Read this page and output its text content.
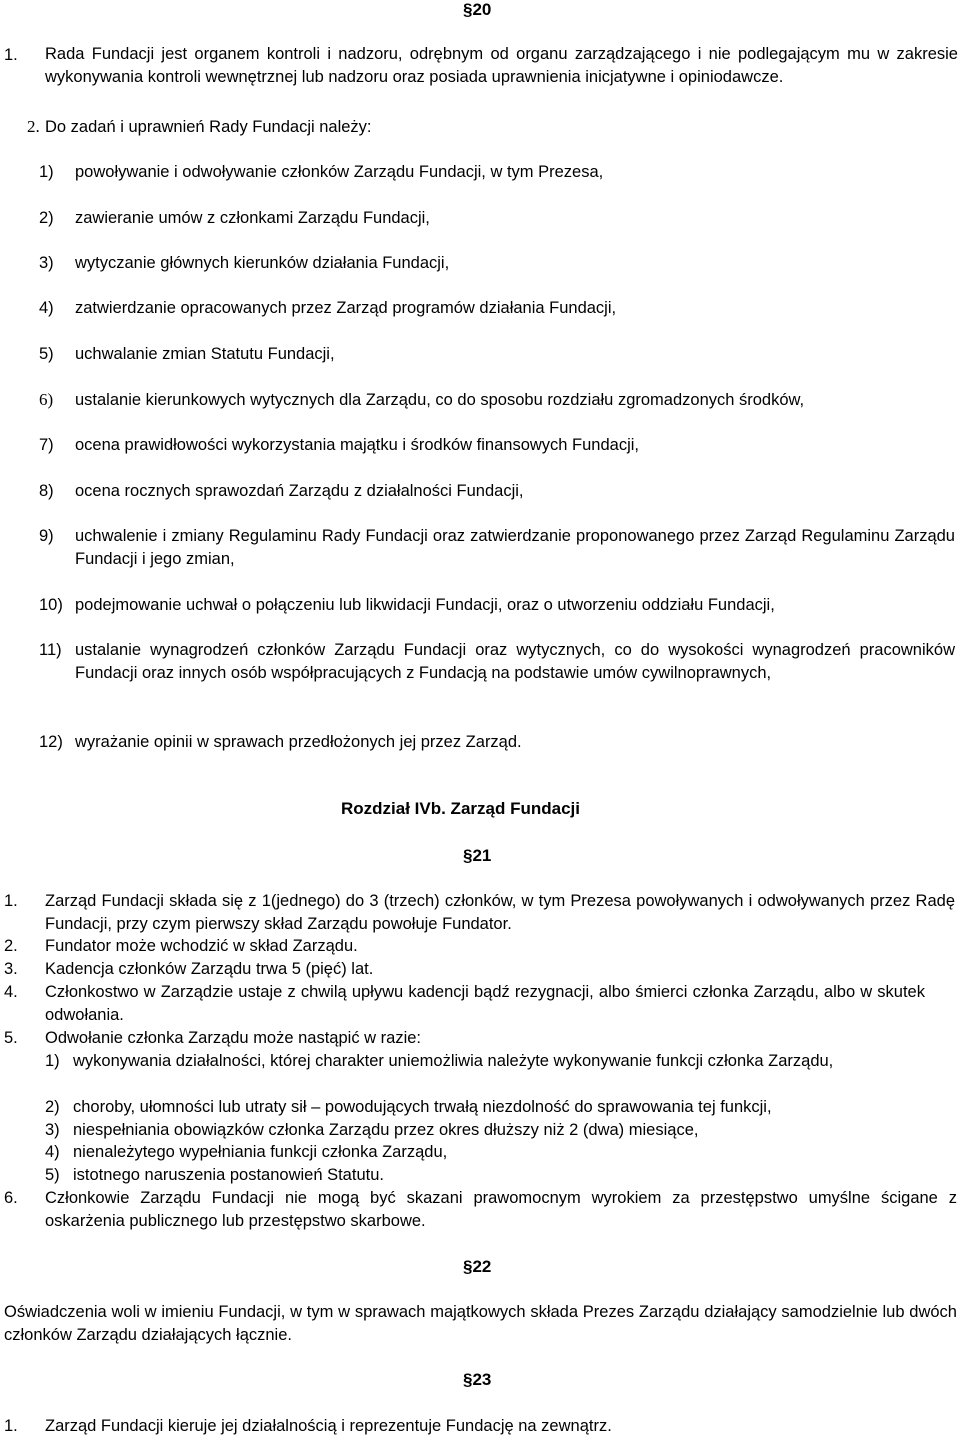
§20
1. Rada Fundacji jest organem kontroli i nadzoru, odrębnym od organu zarządzającego i nie podlegającym mu w zakresie wykonywania kontroli wewnętrznej lub nadzoru oraz posiada uprawnienia inicjatywne i opiniodawcze.
2. Do zadań i uprawnień Rady Fundacji należy:
1) powoływanie i odwoływanie członków Zarządu Fundacji, w tym Prezesa,
2) zawieranie umów z członkami Zarządu Fundacji,
3) wytyczanie głównych kierunków działania Fundacji,
4) zatwierdzanie opracowanych przez Zarząd programów działania Fundacji,
5) uchwalanie zmian Statutu Fundacji,
6) ustalanie kierunkowych wytycznych dla Zarządu, co do sposobu rozdziału zgromadzonych środków,
7) ocena prawidłowości wykorzystania majątku i środków finansowych Fundacji,
8) ocena rocznych sprawozdań Zarządu z działalności Fundacji,
9) uchwalenie i zmiany Regulaminu Rady Fundacji oraz zatwierdzanie proponowanego przez Zarząd Regulaminu Zarządu Fundacji i jego zmian,
10) podejmowanie uchwał o połączeniu lub likwidacji Fundacji, oraz o utworzeniu oddziału Fundacji,
11) ustalanie wynagrodzeń członków Zarządu Fundacji oraz wytycznych, co do wysokości wynagrodzeń pracowników Fundacji oraz innych osób współpracujących z Fundacją na podstawie umów cywilnoprawnych,
12) wyrażanie opinii w sprawach przedłożonych jej przez Zarząd.
Rozdział IVb. Zarząd Fundacji
§21
1. Zarząd Fundacji składa się z 1(jednego) do 3 (trzech) członków, w tym Prezesa powoływanych i odwoływanych przez Radę Fundacji, przy czym pierwszy skład Zarządu powołuje Fundator.
2. Fundator może wchodzić w skład Zarządu.
3. Kadencja członków Zarządu trwa 5 (pięć) lat.
4. Członkostwo w Zarządzie ustaje z chwilą upływu kadencji bądź rezygnacji, albo śmierci członka Zarządu, albo w skutek odwołania.
5. Odwołanie członka Zarządu może nastąpić w razie:
1) wykonywania działalności, której charakter uniemożliwia należyte wykonywanie funkcji członka Zarządu,
2) choroby, ułomności lub utraty sił – powodujących trwałą niezdolność do sprawowania tej funkcji,
3) niespełniania obowiązków członka Zarządu przez okres dłuższy niż 2 (dwa) miesiące,
4) nienależytego wypełniania funkcji członka Zarządu,
5) istotnego naruszenia postanowień Statutu.
6. Członkowie Zarządu Fundacji nie mogą być skazani prawomocnym wyrokiem za przestępstwo umyślne ścigane z oskarżenia publicznego lub przestępstwo skarbowe.
§22
Oświadczenia woli w imieniu Fundacji, w tym w sprawach majątkowych składa Prezes Zarządu działający samodzielnie lub dwóch członków Zarządu działających łącznie.
§23
1. Zarząd Fundacji kieruje jej działalnością i reprezentuje Fundację na zewnątrz.
